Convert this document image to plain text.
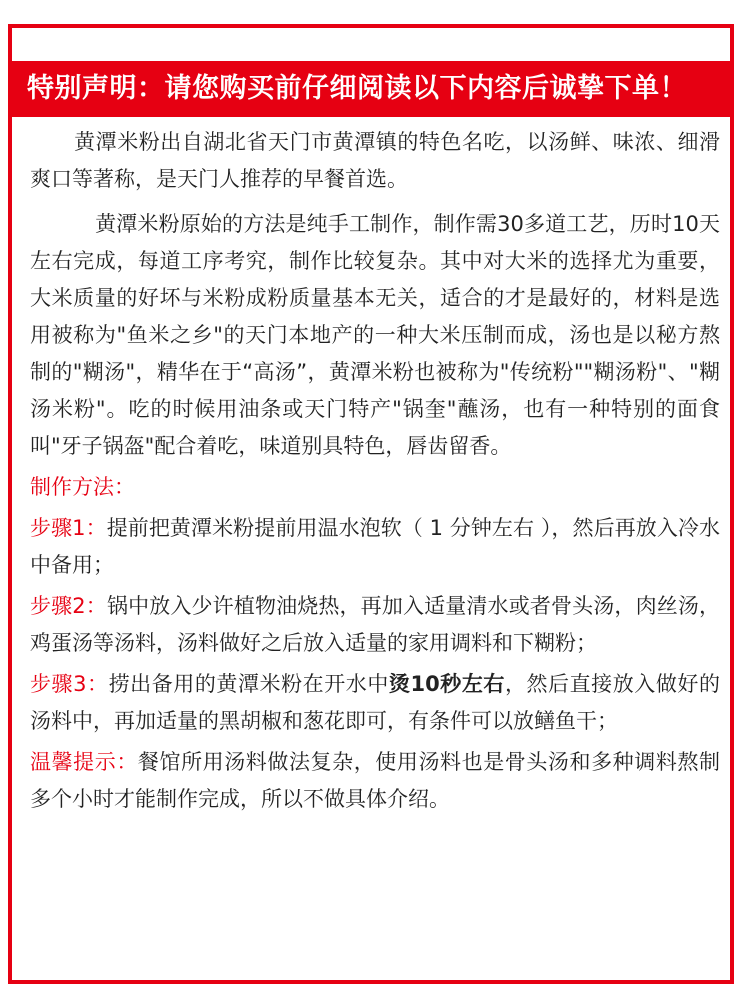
特别声明：请您购买前仔细阅读以下内容后诚挚下单！

黄潭米粉出自湖北省天门市黄潭镇的特色名吃，以汤鲜、味浓、细滑爽口等著称，是天门人推荐的早餐首选。

黄潭米粉原始的方法是纯手工制作，制作需30多道工艺，历时10天左右完成，每道工序考究，制作比较复杂。其中对大米的选择尤为重要，大米质量的好坏与米粉成粉质量基本无关，适合的才是最好的，材料是选用被称为"鱼米之乡"的天门本地产的一种大米压制而成，汤也是以秘方熬制的"糊汤"，精华在于“高汤”，黄潭米粉也被称为"传统粉""糊汤粉"、"糊汤米粉"。吃的时候用油条或天门特产"锅奎"蘸汤，也有一种特别的面食叫"牙子锅盔"配合着吃，味道别具特色，唇齿留香。

制作方法：

步骤1：提前把黄潭米粉提前用温水泡软（ 1 分钟左右 ），然后再放入冷水中备用；

步骤2：锅中放入少许植物油烧热，再加入适量清水或者骨头汤，肉丝汤，鸡蛋汤等汤料，汤料做好之后放入适量的家用调料和下糊粉；

步骤3：捞出备用的黄潭米粉在开水中烫10秒左右，然后直接放入做好的汤料中，再加适量的黑胡椒和葱花即可，有条件可以放鳝鱼干；

温馨提示：餐馆所用汤料做法复杂，使用汤料也是骨头汤和多种调料熬制多个小时才能制作完成，所以不做具体介绍。
